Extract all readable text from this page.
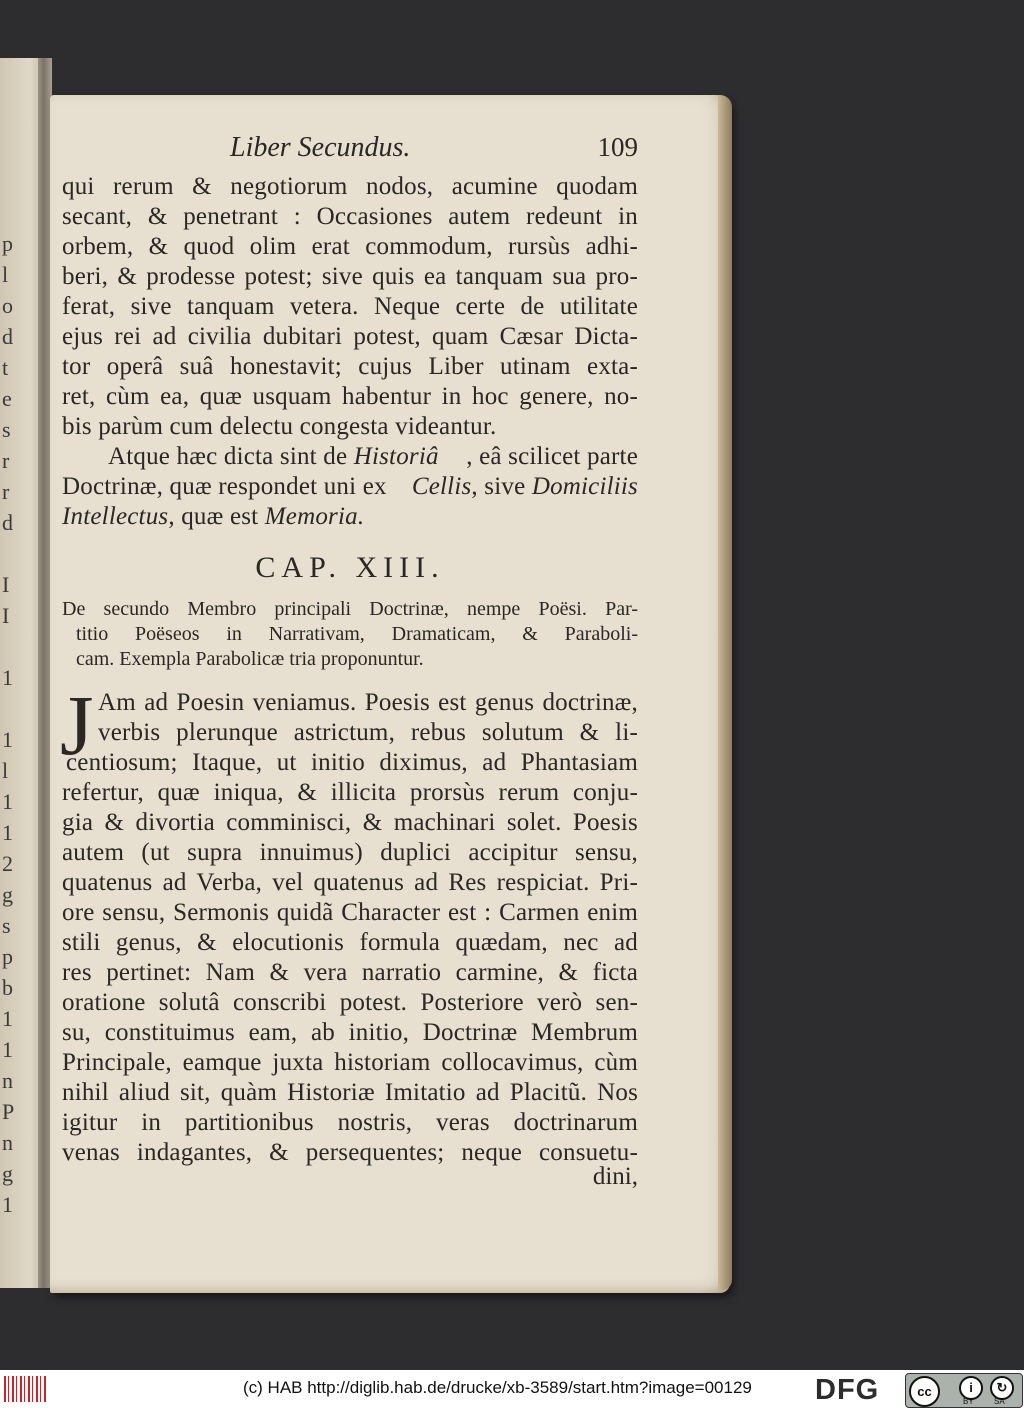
p
l
o
d
t
e
s
r
r
d
I
I
1
1
l
1
1
2
g
s
p
b
1
1
n
P
n
g
1
Liber Secundus.	109
qui rerum & negotiorum nodos, acumine quodam
secant, & penetrant : Occasiones autem redeunt in
orbem, & quod olim erat commodum, rursùs adhi-
beri, & prodesse potest; sive quis ea tanquam sua pro-
ferat, sive tanquam vetera. Neque certe de utilitate
ejus rei ad civilia dubitari potest, quam Cæsar Dicta-
tor operâ suâ honestavit; cujus Liber utinam exta-
ret, cùm ea, quæ usquam habentur in hoc genere, no-
bis parùm cum delectu congesta videantur.
Atque hæc dicta sint de Historiâ , eâ scilicet parte
Doctrinæ, quæ respondet uni ex Cellis, sive Domiciliis
Intellectus, quæ est Memoria.
CAP. XIII.
De secundo Membro principali Doctrinæ, nempe Poësi. Par-
titio Poëseos in Narrativam, Dramaticam, & Paraboli-
cam. Exempla Parabolicæ tria proponuntur.
J Am ad Poesin veniamus. Poesis est genus doctrinæ,
verbis plerunque astrictum, rebus solutum & li-
centiosum; Itaque, ut initio diximus, ad Phantasiam
refertur, quæ iniqua, & illicita prorsùs rerum conju-
gia & divortia comminisci, & machinari solet. Poesis
autem (ut supra innuimus) duplici accipitur sensu,
quatenus ad Verba, vel quatenus ad Res respiciat. Pri-
ore sensu, Sermonis quidã Character est : Carmen enim
stili genus, & elocutionis formula quædam, nec ad
res pertinet: Nam & vera narratio carmine, & ficta
oratione solutâ conscribi potest. Posteriore verò sen-
su, constituimus eam, ab initio, Doctrinæ Membrum
Principale, eamque juxta historiam collocavimus, cùm
nihil aliud sit, quàm Historiæ Imitatio ad Placitũ. Nos
igitur in partitionibus nostris, veras doctrinarum
venas indagantes, & persequentes; neque consuetu-
dini,
(c) HAB http://diglib.hab.de/drucke/xb-3589/start.htm?image=00129 DFG	cc	i	↻
BY	SA
